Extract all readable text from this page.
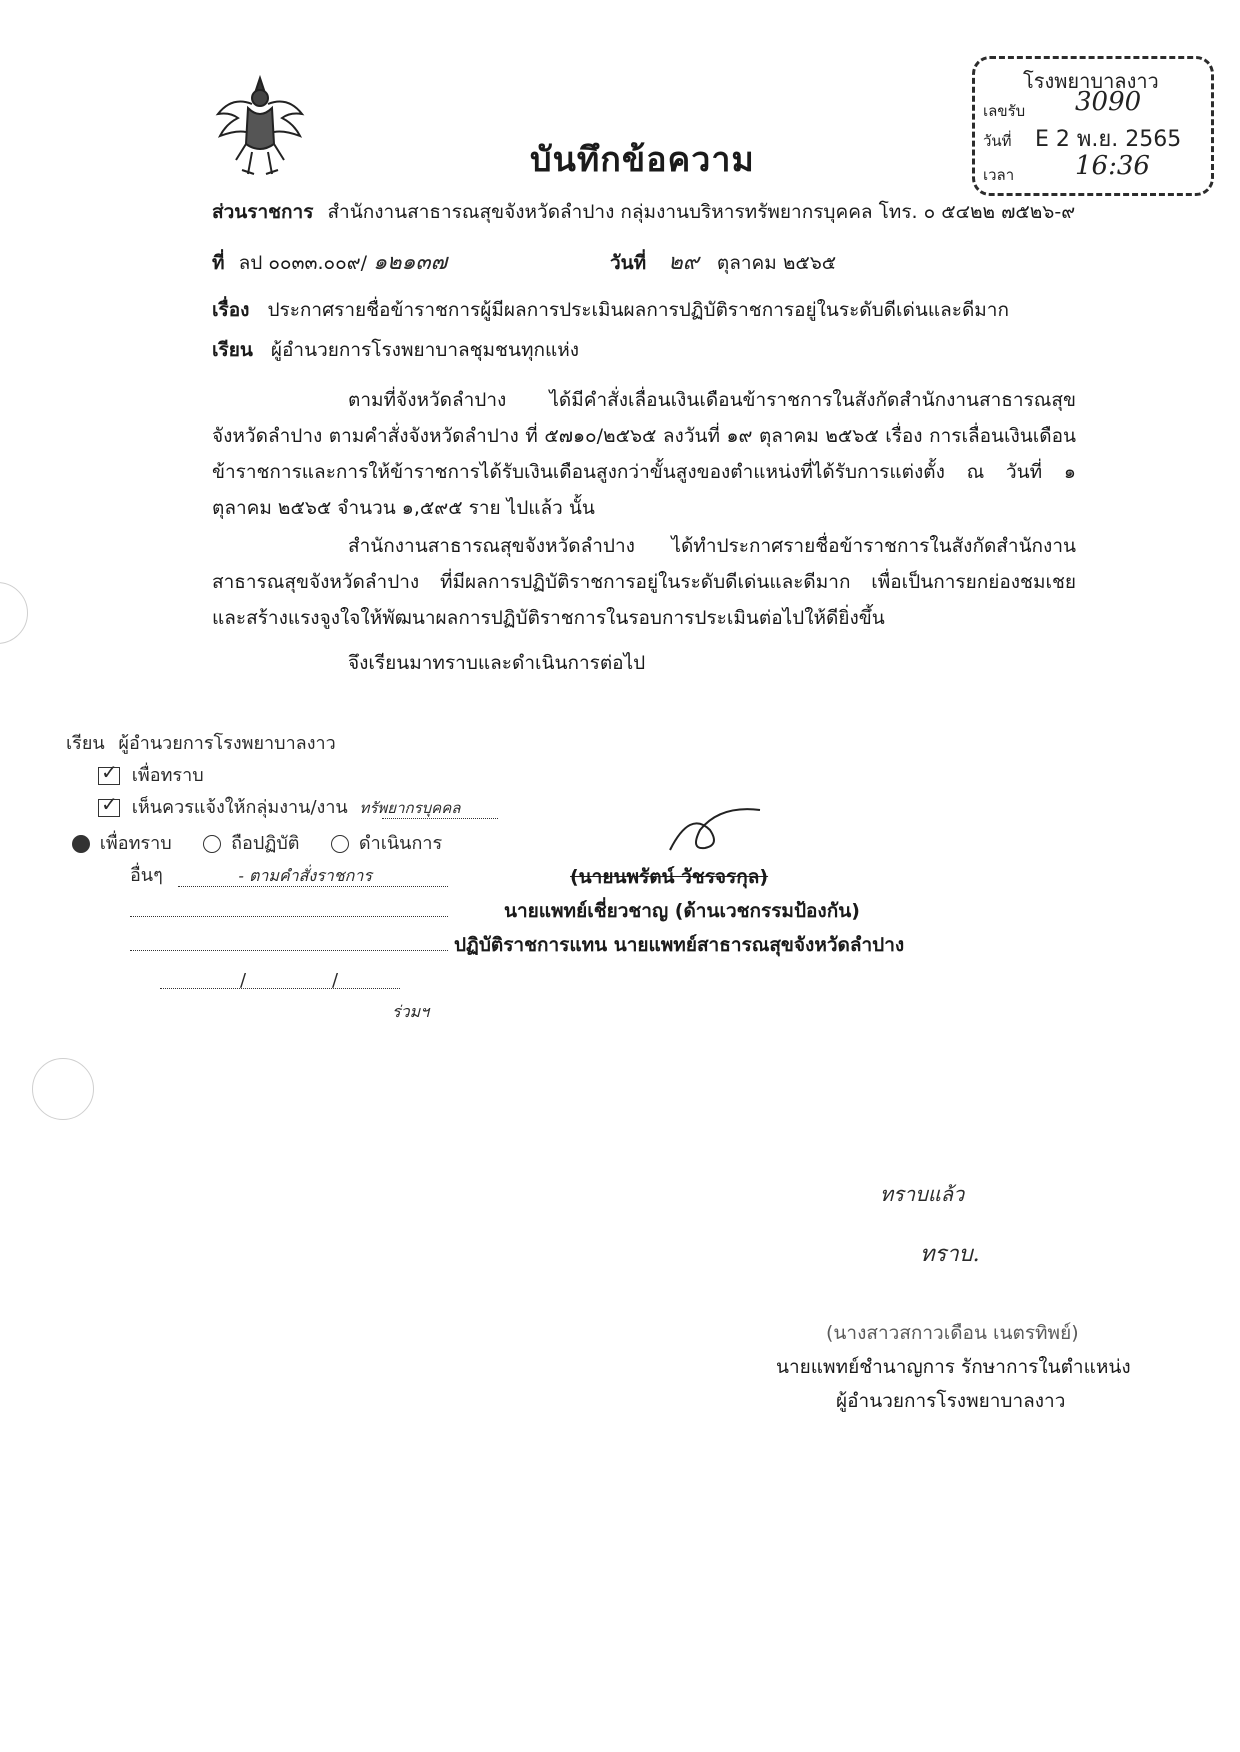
โรงพยาบาลงาว
เลขรับ 3090
วันที่ E 2 พ.ย. 2565
เวลา 16:36
บันทึกข้อความ
ส่วนราชการ สำนักงานสาธารณสุขจังหวัดลำปาง กลุ่มงานบริหารทรัพยากรบุคคล โทร. ๐ ๕๔๒๒ ๗๕๒๖-๙
ที่ ลป ๐๐๓๓.๐๐๙/ ๑๒๑๓๗	วันที่ ๒๙ ตุลาคม ๒๕๖๕
เรื่อง ประกาศรายชื่อข้าราชการผู้มีผลการประเมินผลการปฏิบัติราชการอยู่ในระดับดีเด่นและดีมาก
เรียน ผู้อำนวยการโรงพยาบาลชุมชนทุกแห่ง
ตามที่จังหวัดลำปาง ได้มีคำสั่งเลื่อนเงินเดือนข้าราชการในสังกัดสำนักงานสาธารณสุขจังหวัดลำปาง ตามคำสั่งจังหวัดลำปาง ที่ ๕๗๑๐/๒๕๖๕ ลงวันที่ ๑๙ ตุลาคม ๒๕๖๕ เรื่อง การเลื่อนเงินเดือนข้าราชการและการให้ข้าราชการได้รับเงินเดือนสูงกว่าขั้นสูงของตำแหน่งที่ได้รับการแต่งตั้ง ณ วันที่ ๑ ตุลาคม ๒๕๖๕ จำนวน ๑,๕๙๕ ราย ไปแล้ว นั้น
สำนักงานสาธารณสุขจังหวัดลำปาง ได้ทำประกาศรายชื่อข้าราชการในสังกัดสำนักงานสาธารณสุขจังหวัดลำปาง ที่มีผลการปฏิบัติราชการอยู่ในระดับดีเด่นและดีมาก เพื่อเป็นการยกย่องชมเชยและสร้างแรงจูงใจให้พัฒนาผลการปฏิบัติราชการในรอบการประเมินต่อไปให้ดียิ่งขึ้น
จึงเรียนมาทราบและดำเนินการต่อไป
เรียน ผู้อำนวยการโรงพยาบาลงาว
✓ เพื่อทราบ
✓ เห็นควรแจ้งให้กลุ่มงาน/งาน ทรัพยากรบุคคล
เพื่อทราบ	ถือปฏิบัติ	ดำเนินการ
อื่นๆ	- ตามคำสั่งราชการ
/	/
ร่วมฯ
(นายนพรัตน์ วัชรจรกุล)
นายแพทย์เชี่ยวชาญ (ด้านเวชกรรมป้องกัน)
ปฏิบัติราชการแทน นายแพทย์สาธารณสุขจังหวัดลำปาง
ทราบแล้ว
ทราบ.
(นางสาวสกาวเดือน เนตรทิพย์)
นายแพทย์ชำนาญการ รักษาการในตำแหน่ง
ผู้อำนวยการโรงพยาบาลงาว
